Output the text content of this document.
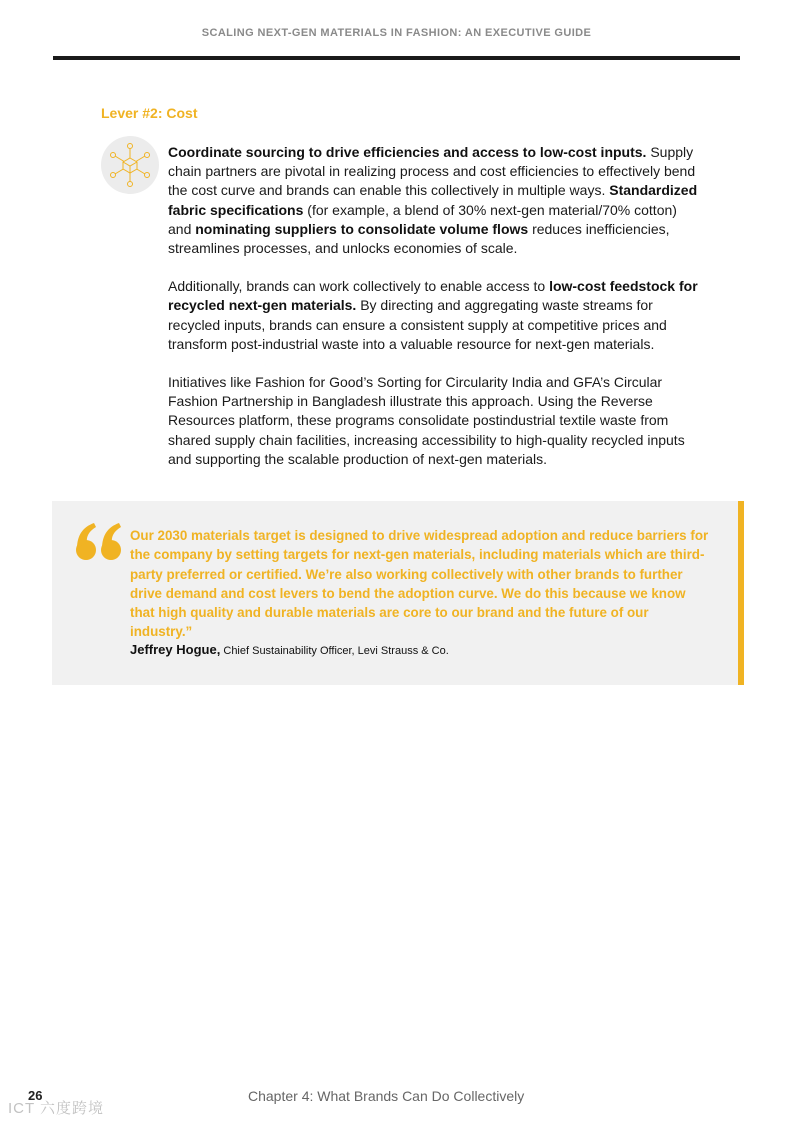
SCALING NEXT-GEN MATERIALS IN FASHION: AN EXECUTIVE GUIDE
Lever #2: Cost

Coordinate sourcing to drive efficiencies and access to low-cost inputs. Supply chain partners are pivotal in realizing process and cost efficiencies to effectively bend the cost curve and brands can enable this collectively in multiple ways. Standardized fabric specifications (for example, a blend of 30% next-gen material/70% cotton) and nominating suppliers to consolidate volume flows reduces inefficiencies, streamlines processes, and unlocks economies of scale.

Additionally, brands can work collectively to enable access to low-cost feedstock for recycled next-gen materials. By directing and aggregating waste streams for recycled inputs, brands can ensure a consistent supply at competitive prices and transform post-industrial waste into a valuable resource for next-gen materials.

Initiatives like Fashion for Good’s Sorting for Circularity India and GFA’s Circular Fashion Partnership in Bangladesh illustrate this approach. Using the Reverse Resources platform, these programs consolidate postindustrial textile waste from shared supply chain facilities, increasing accessibility to high-quality recycled inputs and supporting the scalable production of next-gen materials.

Our 2030 materials target is designed to drive widespread adoption and reduce barriers for the company by setting targets for next-gen materials, including materials which are third-party preferred or certified. We’re also working collectively with other brands to further drive demand and cost levers to bend the adoption curve. We do this because we know that high quality and durable materials are core to our brand and the future of our industry.”
Jeffrey Hogue, Chief Sustainability Officer, Levi Strauss & Co.
ICT 六度跨境
26	Chapter 4: What Brands Can Do Collectively
